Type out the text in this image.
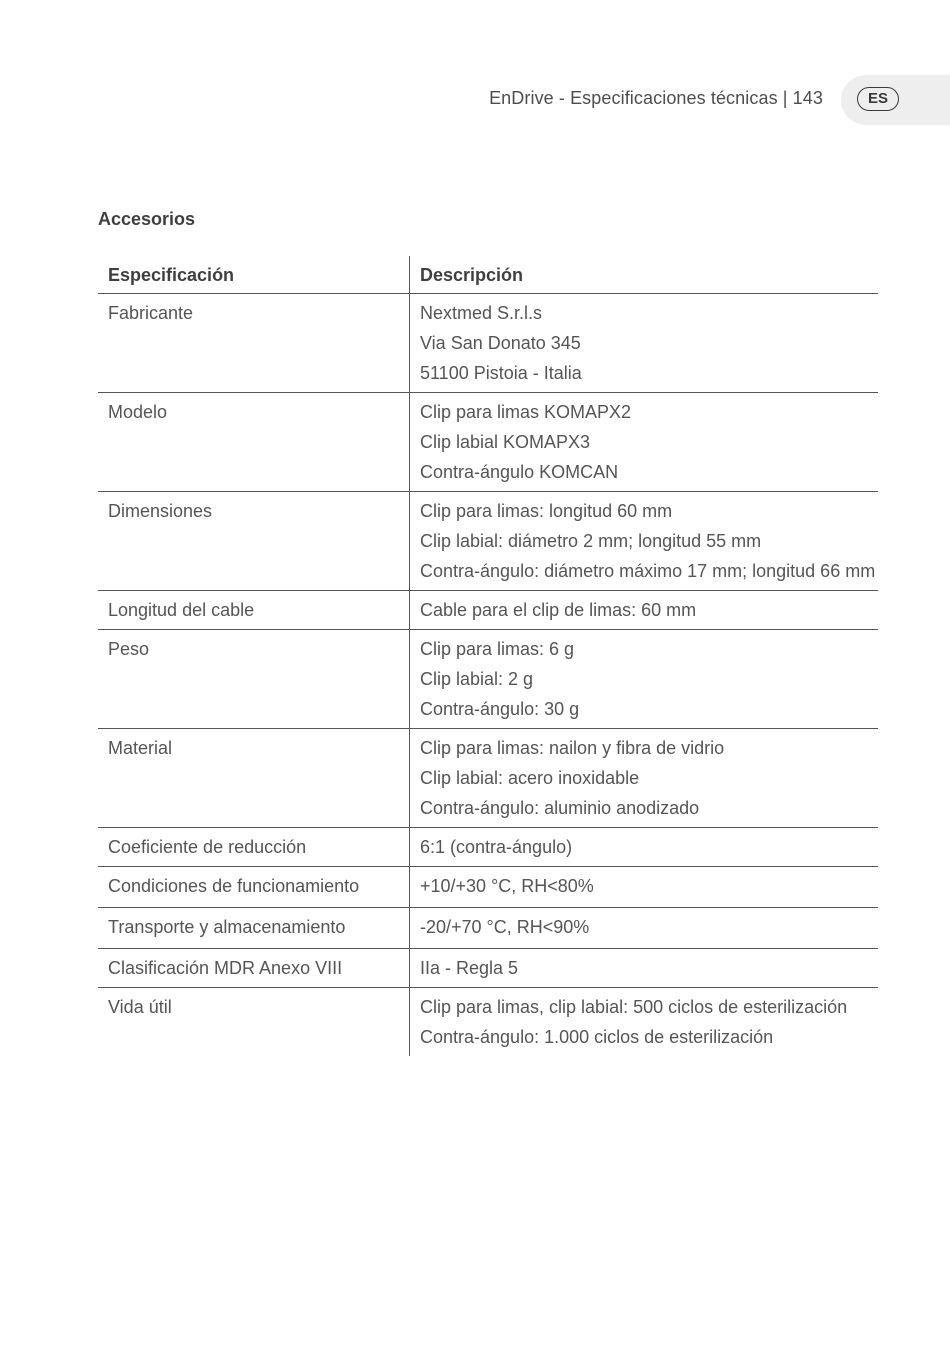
EnDrive - Especificaciones técnicas | 143	ES
Accesorios
Especificación	Descripción
Fabricante	Nextmed S.r.l.s
Via San Donato 345
51100 Pistoia - Italia

Modelo	Clip para limas KOMAPX2
Clip labial KOMAPX3
Contra-ángulo KOMCAN

Dimensiones	Clip para limas: longitud 60 mm
Clip labial: diámetro 2 mm; longitud 55 mm
Contra-ángulo: diámetro máximo 17 mm; longitud 66 mm

Longitud del cable	Cable para el clip de limas: 60 mm

Peso	Clip para limas: 6 g
Clip labial: 2 g
Contra-ángulo: 30 g

Material	Clip para limas: nailon y fibra de vidrio
Clip labial: acero inoxidable
Contra-ángulo: aluminio anodizado

Coeficiente de reducción	6:1 (contra-ángulo)

Condiciones de funcionamiento	+10/+30 °C, RH<80%

Transporte y almacenamiento	-20/+70 °C, RH<90%

Clasificación MDR Anexo VIII	IIa - Regla 5

Vida útil	Clip para limas, clip labial: 500 ciclos de esterilización
Contra-ángulo: 1.000 ciclos de esterilización
